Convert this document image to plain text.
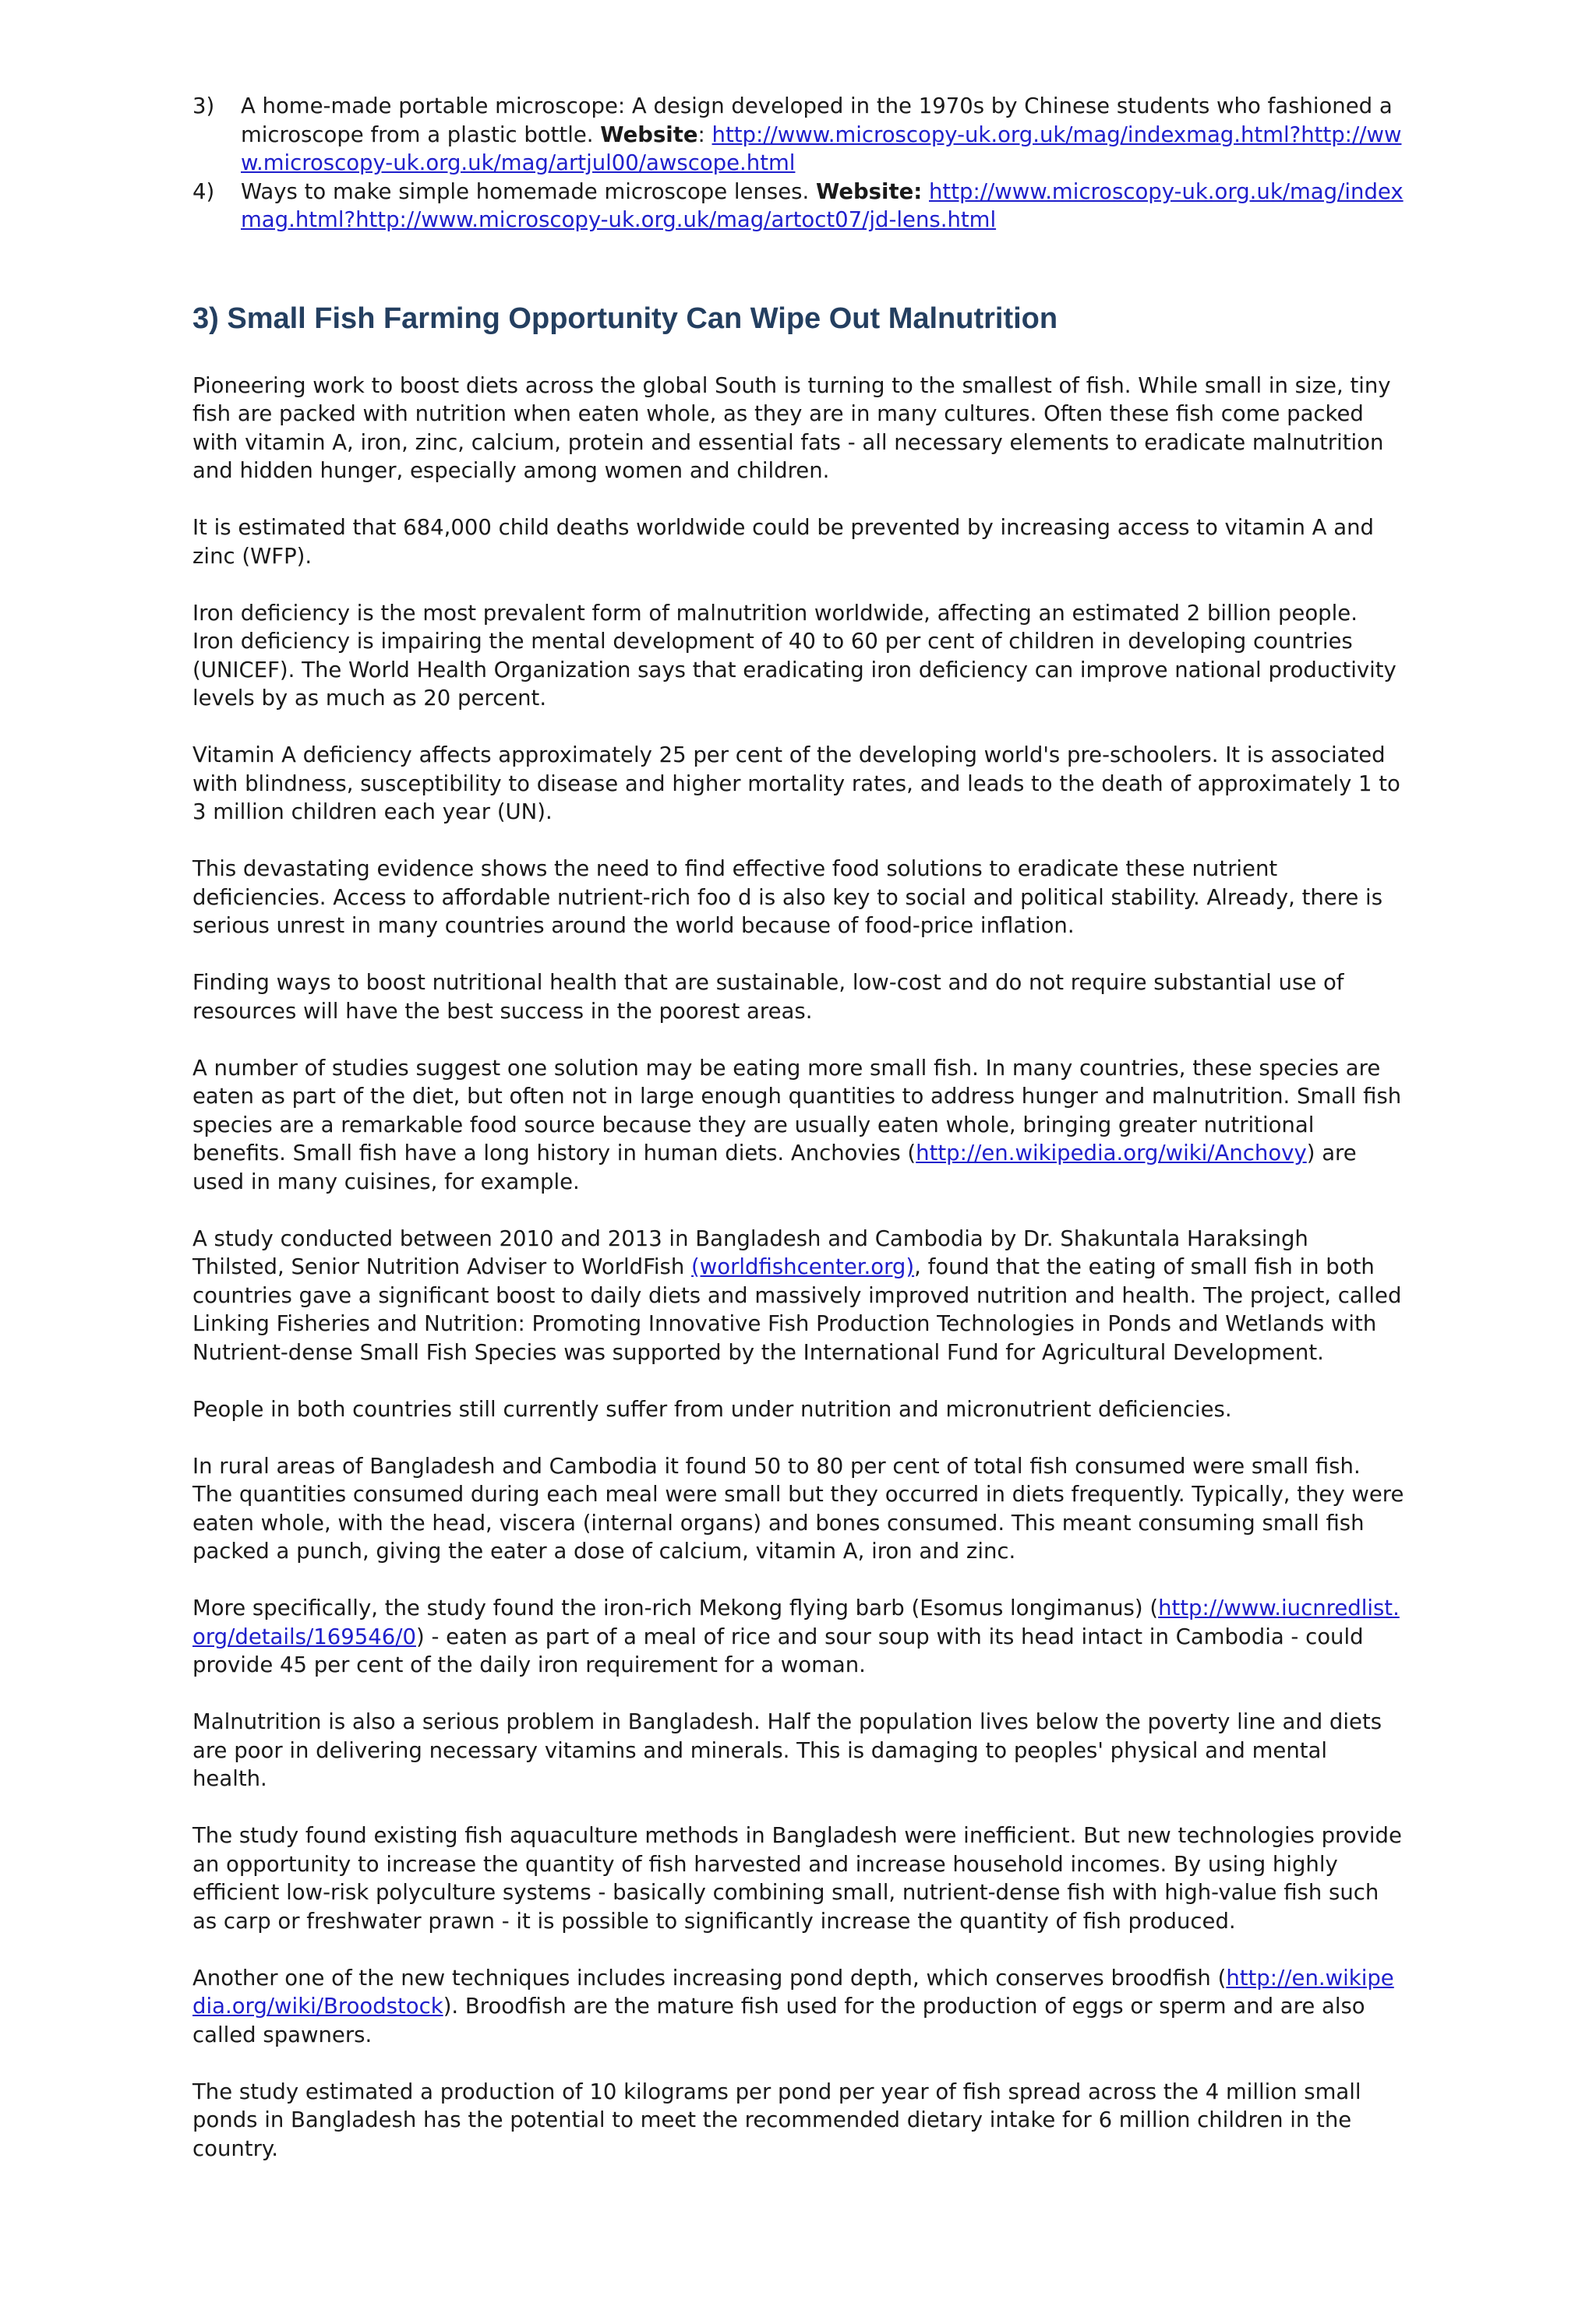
3) A home-made portable microscope: A design developed in the 1970s by Chinese students who fashioned a microscope from a plastic bottle. Website: http://www.microscopy-uk.org.uk/mag/indexmag.html?http://www.microscopy-uk.org.uk/mag/artjul00/awscope.html
4) Ways to make simple homemade microscope lenses. Website: http://www.microscopy-uk.org.uk/mag/indexmag.html?http://www.microscopy-uk.org.uk/mag/artoct07/jd-lens.html
3) Small Fish Farming Opportunity Can Wipe Out Malnutrition

Pioneering work to boost diets across the global South is turning to the smallest of fish. While small in size, tiny fish are packed with nutrition when eaten whole, as they are in many cultures. Often these fish come packed with vitamin A, iron, zinc, calcium, protein and essential fats - all necessary elements to eradicate malnutrition and hidden hunger, especially among women and children.

It is estimated that 684,000 child deaths worldwide could be prevented by increasing access to vitamin A and zinc (WFP).

Iron deficiency is the most prevalent form of malnutrition worldwide, affecting an estimated 2 billion people. Iron deficiency is impairing the mental development of 40 to 60 per cent of children in developing countries (UNICEF). The World Health Organization says that eradicating iron deficiency can improve national productivity levels by as much as 20 percent.

Vitamin A deficiency affects approximately 25 per cent of the developing world's pre-schoolers. It is associated with blindness, susceptibility to disease and higher mortality rates, and leads to the death of approximately 1 to 3 million children each year (UN).

This devastating evidence shows the need to find effective food solutions to eradicate these nutrient deficiencies. Access to affordable nutrient-rich foo d is also key to social and political stability. Already, there is serious unrest in many countries around the world because of food-price inflation.

Finding ways to boost nutritional health that are sustainable, low-cost and do not require substantial use of resources will have the best success in the poorest areas.

A number of studies suggest one solution may be eating more small fish. In many countries, these species are eaten as part of the diet, but often not in large enough quantities to address hunger and malnutrition. Small fish species are a remarkable food source because they are usually eaten whole, bringing greater nutritional benefits. Small fish have a long history in human diets. Anchovies (http://en.wikipedia.org/wiki/Anchovy) are used in many cuisines, for example.

A study conducted between 2010 and 2013 in Bangladesh and Cambodia by Dr. Shakuntala Haraksingh Thilsted, Senior Nutrition Adviser to WorldFish (worldfishcenter.org), found that the eating of small fish in both countries gave a significant boost to daily diets and massively improved nutrition and health. The project, called Linking Fisheries and Nutrition: Promoting Innovative Fish Production Technologies in Ponds and Wetlands with Nutrient-dense Small Fish Species was supported by the International Fund for Agricultural Development.

People in both countries still currently suffer from under nutrition and micronutrient deficiencies.

In rural areas of Bangladesh and Cambodia it found 50 to 80 per cent of total fish consumed were small fish. The quantities consumed during each meal were small but they occurred in diets frequently. Typically, they were eaten whole, with the head, viscera (internal organs) and bones consumed. This meant consuming small fish packed a punch, giving the eater a dose of calcium, vitamin A, iron and zinc.

More specifically, the study found the iron-rich Mekong flying barb (Esomus longimanus) (http://www.iucnredlist.org/details/169546/0) - eaten as part of a meal of rice and sour soup with its head intact in Cambodia - could provide 45 per cent of the daily iron requirement for a woman.

Malnutrition is also a serious problem in Bangladesh. Half the population lives below the poverty line and diets are poor in delivering necessary vitamins and minerals. This is damaging to peoples' physical and mental health.

The study found existing fish aquaculture methods in Bangladesh were inefficient. But new technologies provide an opportunity to increase the quantity of fish harvested and increase household incomes. By using highly efficient low-risk polyculture systems - basically combining small, nutrient-dense fish with high-value fish such as carp or freshwater prawn - it is possible to significantly increase the quantity of fish produced.

Another one of the new techniques includes increasing pond depth, which conserves broodfish (http://en.wikipedia.org/wiki/Broodstock). Broodfish are the mature fish used for the production of eggs or sperm and are also called spawners.

The study estimated a production of 10 kilograms per pond per year of fish spread across the 4 million small ponds in Bangladesh has the potential to meet the recommended dietary intake for 6 million children in the country.
